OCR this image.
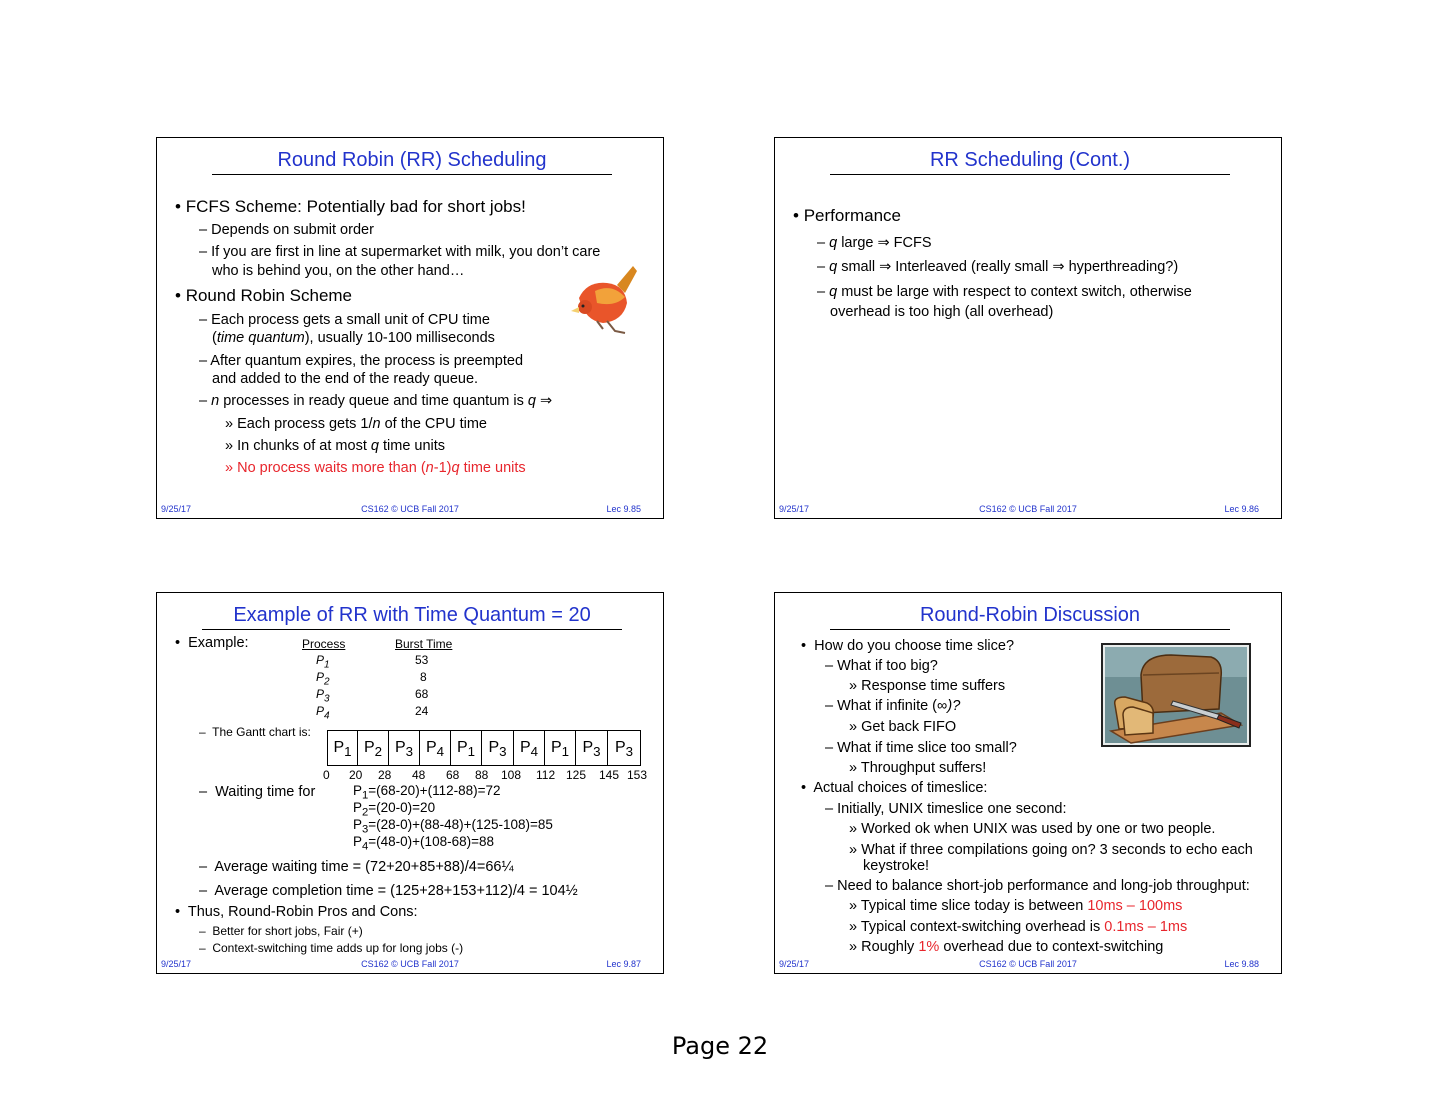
Round Robin (RR) Scheduling
• FCFS Scheme: Potentially bad for short jobs!
– Depends on submit order
– If you are first in line at supermarket with milk, you don’t care
who is behind you, on the other hand…
• Round Robin Scheme
– Each process gets a small unit of CPU time
(time quantum), usually 10-100 milliseconds
– After quantum expires, the process is preempted
and added to the end of the ready queue.
– n processes in ready queue and time quantum is q ⇒
» Each process gets 1/n of the CPU time
» In chunks of at most q time units
» No process waits more than (n-1)q time units
9/25/17	CS162 © UCB Fall 2017	Lec 9.85
RR Scheduling (Cont.)
• Performance
– q large ⇒ FCFS
– q small ⇒ Interleaved (really small ⇒ hyperthreading?)
– q must be large with respect to context switch, otherwise
overhead is too high (all overhead)
9/25/17	CS162 © UCB Fall 2017	Lec 9.86
Example of RR with Time Quantum = 20
•  Example:	Process	Burst Time
$P_1$	53
$P_2$	8
$P_3$	68
$P_4$	24
–  The Gantt chart is:
$P_1$ $P_2$ $P_3$ $P_4$ $P_1$ $P_3$ $P_4$ $P_1$ $P_3$ $P_3$
0 20 28 48 68 88 108 112 125 145 153
–  Waiting time for	$P_1=(68-20)+(112-88)=72$
$P_2=(20-0)=20$
$P_3=(28-0)+(88-48)+(125-108)=85$
$P_4=(48-0)+(108-68)=88$
–  Average waiting time = (72+20+85+88)/4=66¼
–  Average completion time = (125+28+153+112)/4 = 104½
•  Thus, Round-Robin Pros and Cons:
–  Better for short jobs, Fair (+)
–  Context-switching time adds up for long jobs (-)
9/25/17	CS162 © UCB Fall 2017	Lec 9.87
Round-Robin Discussion
•  How do you choose time slice?
– What if too big?
» Response time suffers
– What if infinite (∞)?
» Get back FIFO
– What if time slice too small?
» Throughput suffers!
•  Actual choices of timeslice:
– Initially, UNIX timeslice one second:
» Worked ok when UNIX was used by one or two people.
» What if three compilations going on? 3 seconds to echo each
keystroke!
– Need to balance short-job performance and long-job throughput:
» Typical time slice today is between 10ms – 100ms
» Typical context-switching overhead is 0.1ms – 1ms
» Roughly 1% overhead due to context-switching
9/25/17	CS162 © UCB Fall 2017	Lec 9.88
Page 22
